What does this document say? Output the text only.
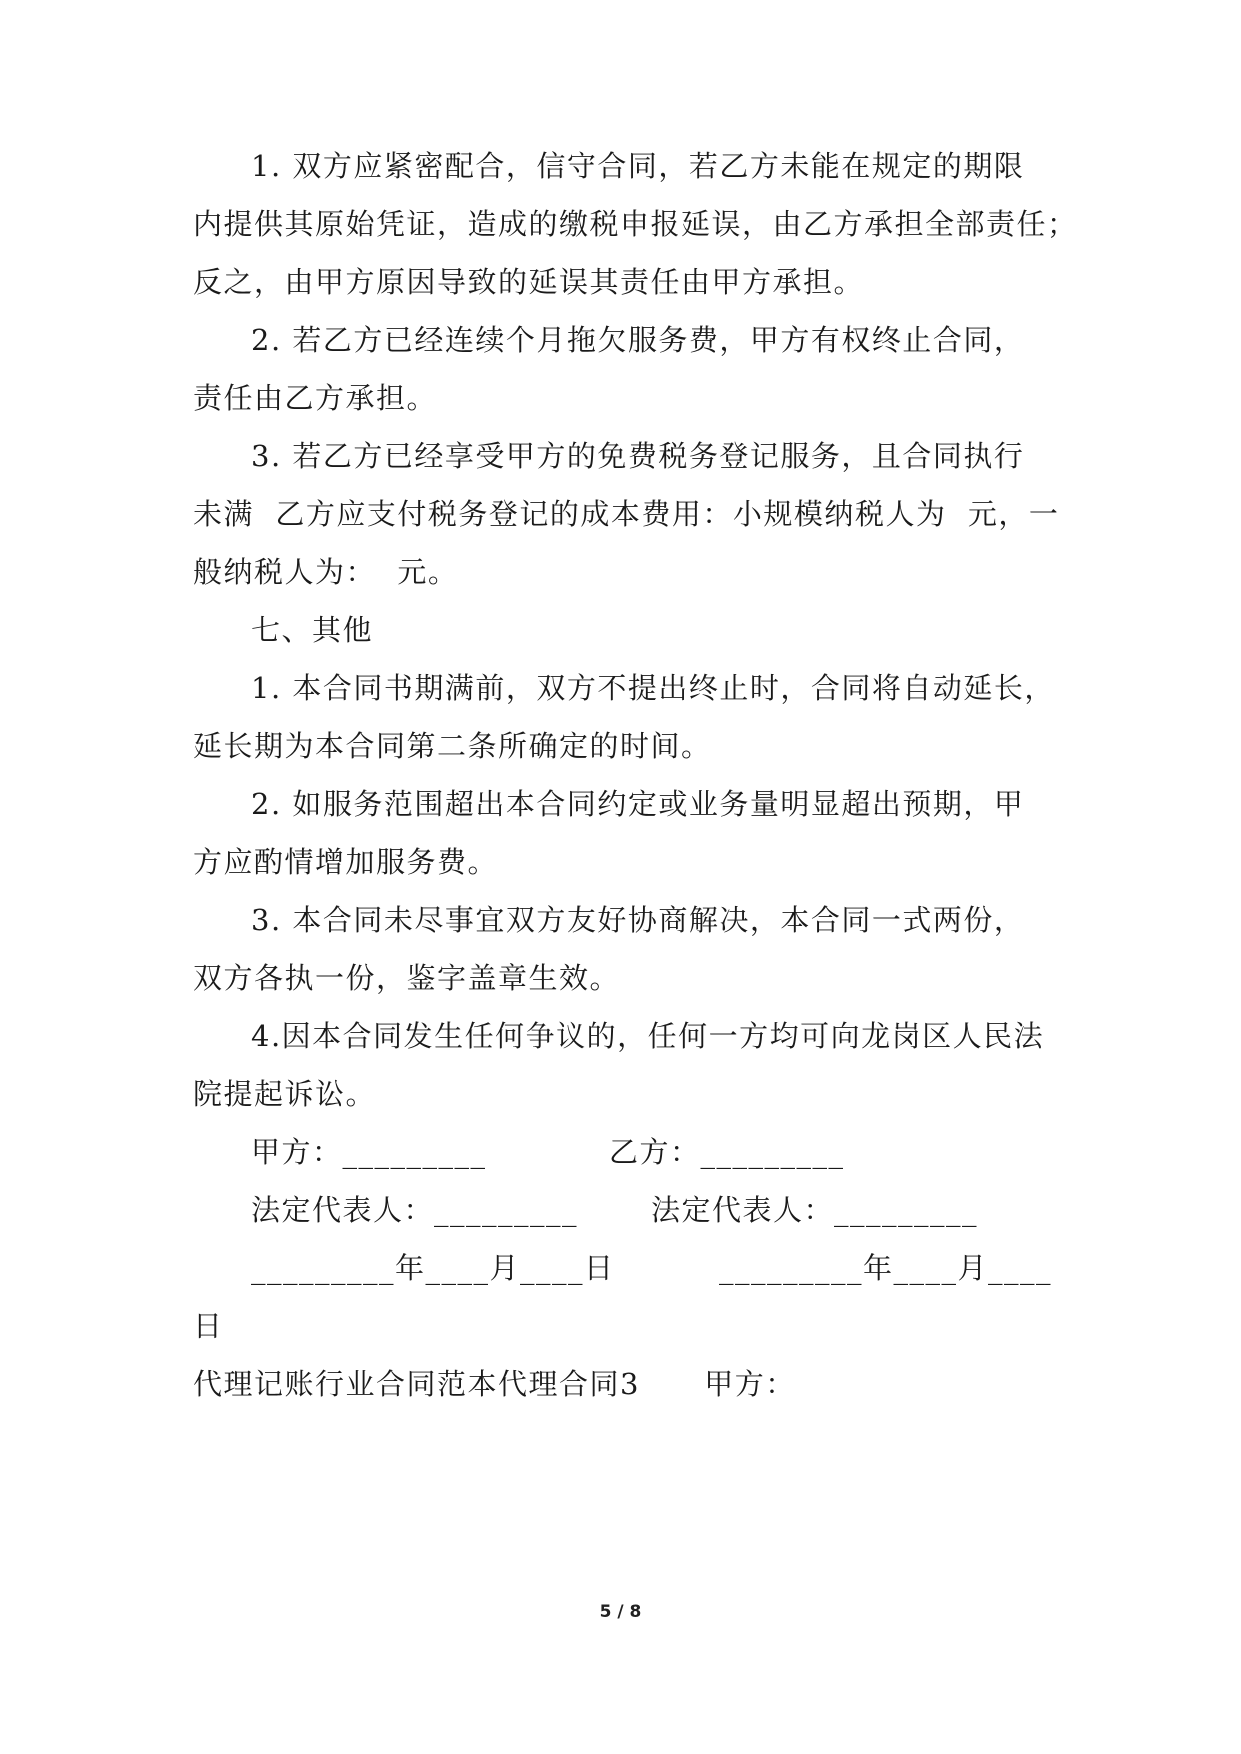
1. 双方应紧密配合，信守合同，若乙方未能在规定的期限
内提供其原始凭证，造成的缴税申报延误，由乙方承担全部责任；
反之，由甲方原因导致的延误其责任由甲方承担。
2. 若乙方已经连续个月拖欠服务费，甲方有权终止合同，
责任由乙方承担。
3. 若乙方已经享受甲方的免费税务登记服务，且合同执行
未满  乙方应支付税务登记的成本费用：小规模纳税人为  元，一
般纳税人为：  元。
七、其他
1. 本合同书期满前，双方不提出终止时，合同将自动延长，
延长期为本合同第二条所确定的时间。
2. 如服务范围超出本合同约定或业务量明显超出预期，甲
方应酌情增加服务费。
3. 本合同未尽事宜双方友好协商解决，本合同一式两份，
双方各执一份，鉴字盖章生效。
4.因本合同发生任何争议的，任何一方均可向龙岗区人民法
院提起诉讼。
甲方：_________	乙方：_________
法定代表人：_________	法定代表人：_________
_________年____月____日	_________年____月____
日
代理记账行业合同范本代理合同3      甲方：
5 / 8
